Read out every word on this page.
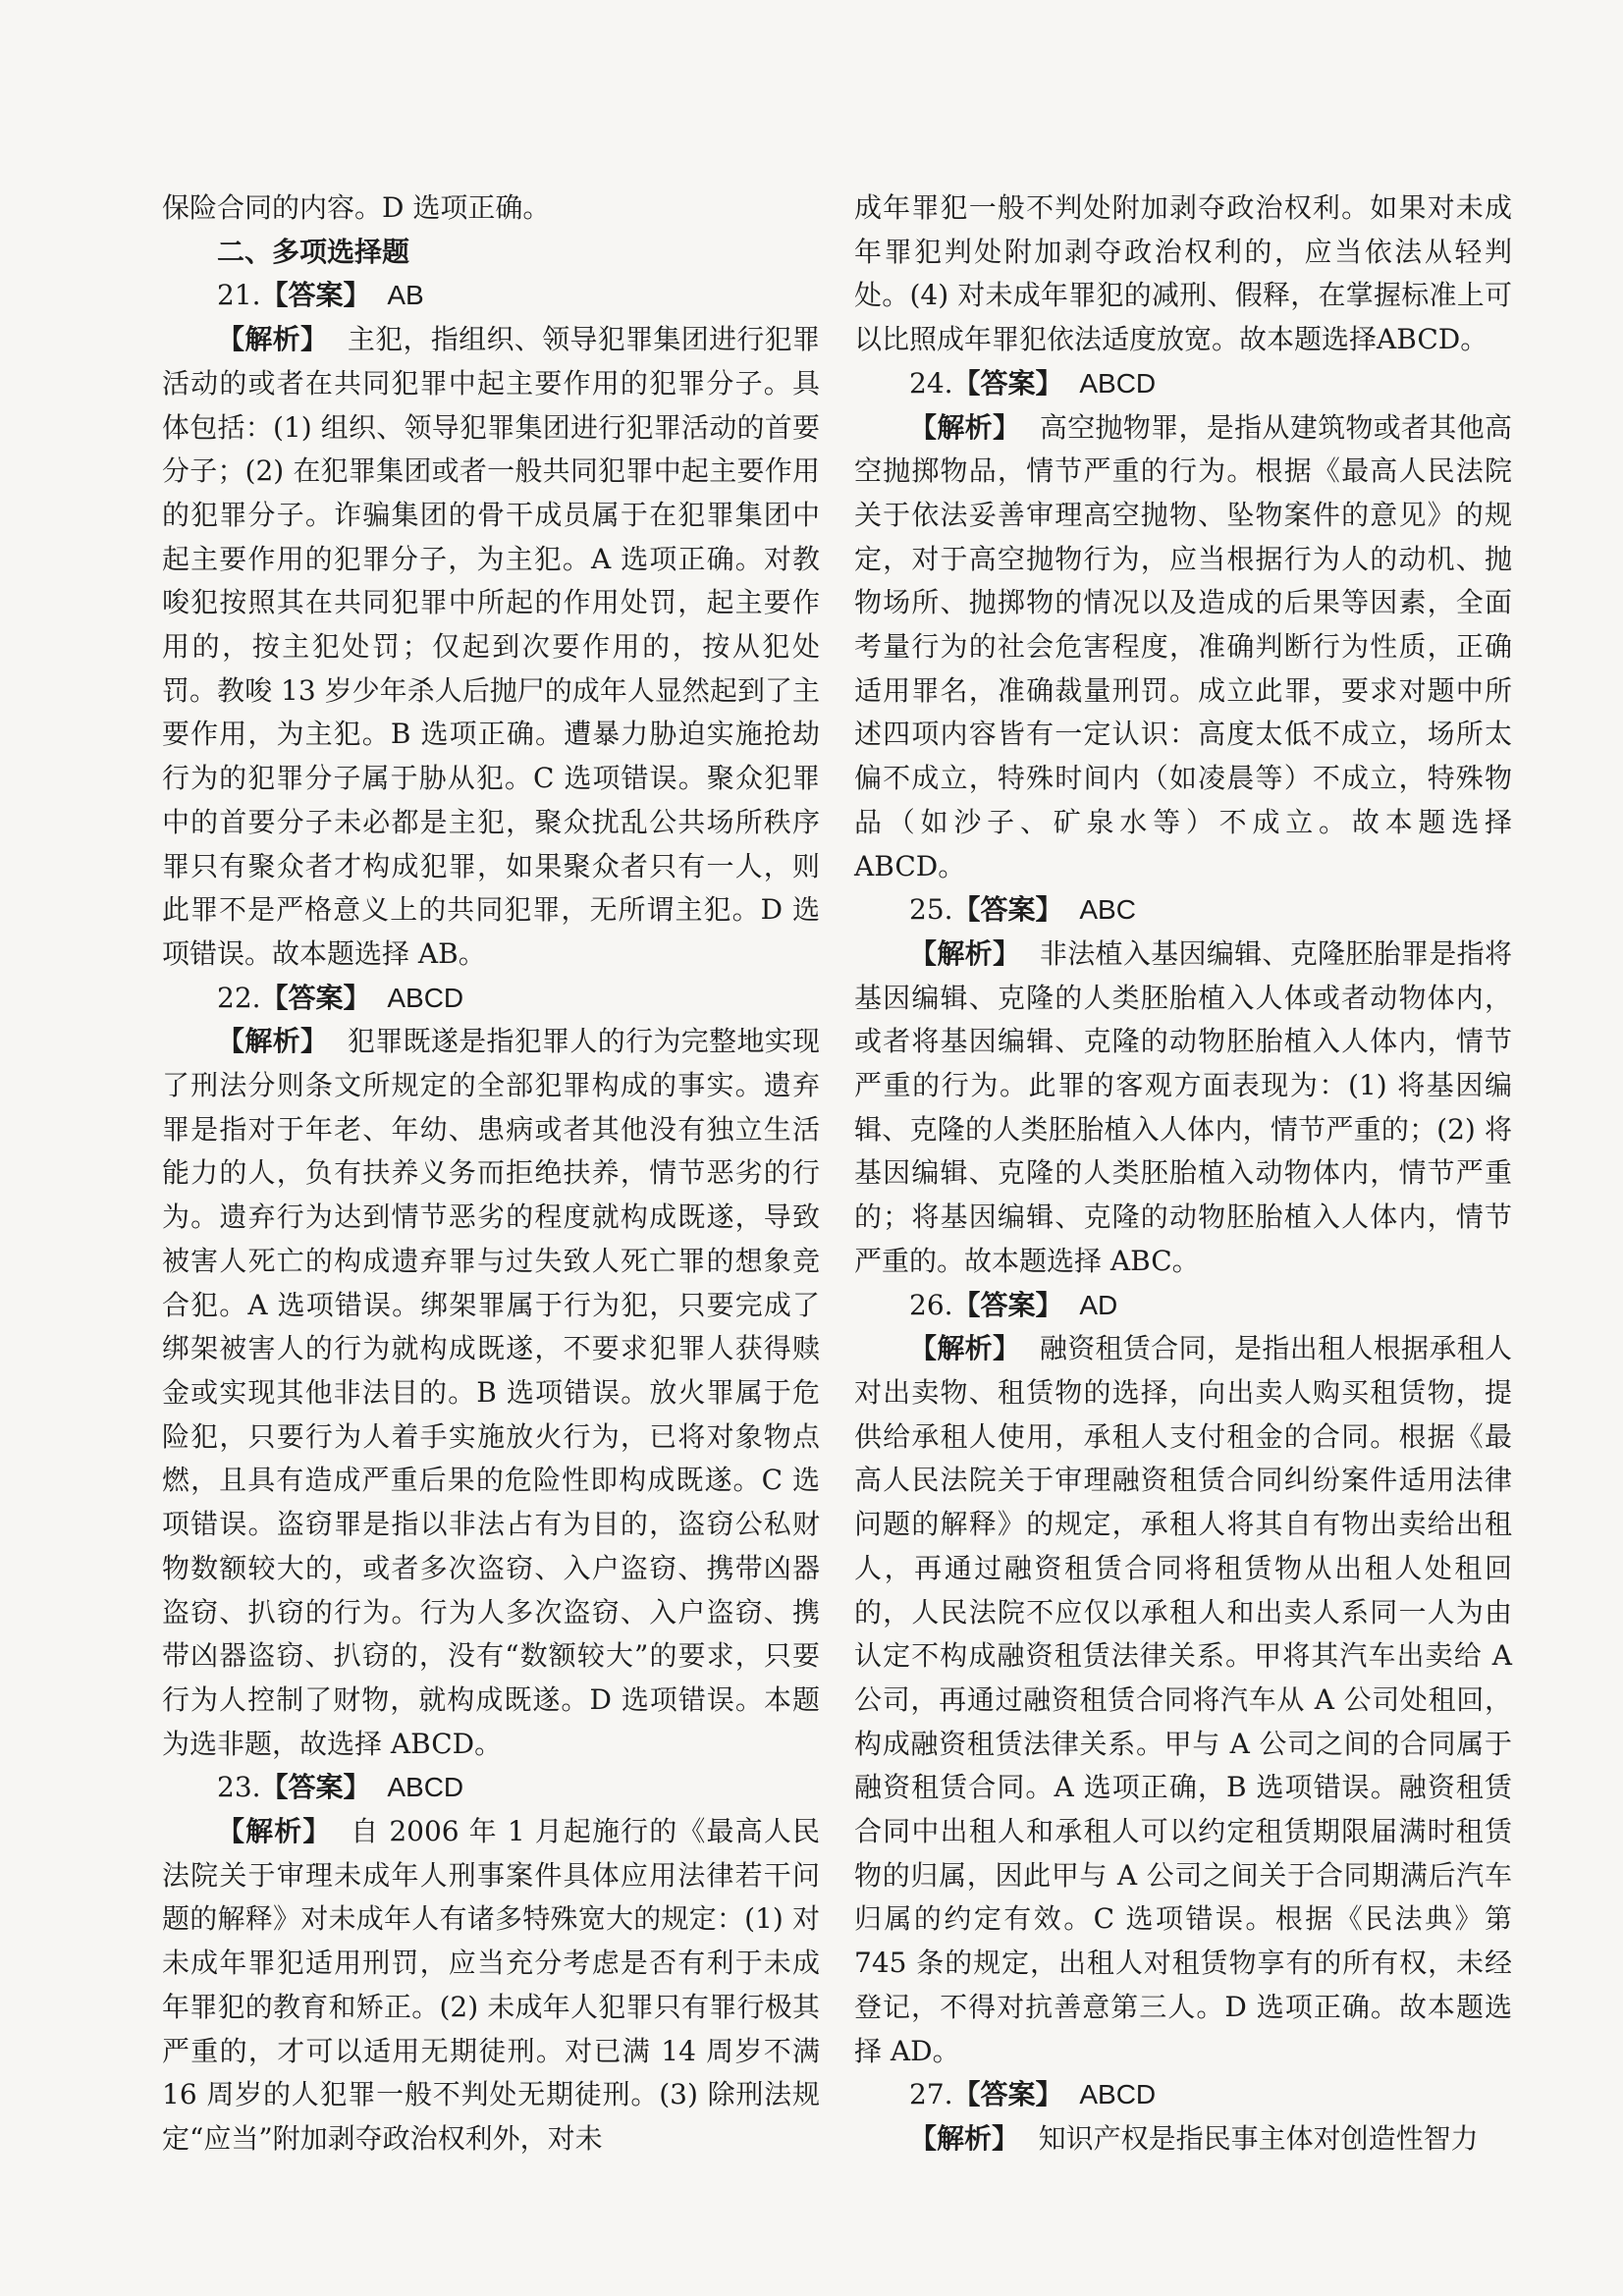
保险合同的内容。D 选项正确。

二、多项选择题

21.【答案】 AB

【解析】 主犯，指组织、领导犯罪集团进行犯罪活动的或者在共同犯罪中起主要作用的犯罪分子。具体包括：(1) 组织、领导犯罪集团进行犯罪活动的首要分子；(2) 在犯罪集团或者一般共同犯罪中起主要作用的犯罪分子。诈骗集团的骨干成员属于在犯罪集团中起主要作用的犯罪分子，为主犯。A 选项正确。对教唆犯按照其在共同犯罪中所起的作用处罚，起主要作用的，按主犯处罚；仅起到次要作用的，按从犯处罚。教唆 13 岁少年杀人后抛尸的成年人显然起到了主要作用，为主犯。B 选项正确。遭暴力胁迫实施抢劫行为的犯罪分子属于胁从犯。C 选项错误。聚众犯罪中的首要分子未必都是主犯，聚众扰乱公共场所秩序罪只有聚众者才构成犯罪，如果聚众者只有一人，则此罪不是严格意义上的共同犯罪，无所谓主犯。D 选项错误。故本题选择 AB。

22.【答案】 ABCD

【解析】 犯罪既遂是指犯罪人的行为完整地实现了刑法分则条文所规定的全部犯罪构成的事实。遗弃罪是指对于年老、年幼、患病或者其他没有独立生活能力的人，负有扶养义务而拒绝扶养，情节恶劣的行为。遗弃行为达到情节恶劣的程度就构成既遂，导致被害人死亡的构成遗弃罪与过失致人死亡罪的想象竞合犯。A 选项错误。绑架罪属于行为犯，只要完成了绑架被害人的行为就构成既遂，不要求犯罪人获得赎金或实现其他非法目的。B 选项错误。放火罪属于危险犯，只要行为人着手实施放火行为，已将对象物点燃，且具有造成严重后果的危险性即构成既遂。C 选项错误。盗窃罪是指以非法占有为目的，盗窃公私财物数额较大的，或者多次盗窃、入户盗窃、携带凶器盗窃、扒窃的行为。行为人多次盗窃、入户盗窃、携带凶器盗窃、扒窃的，没有“数额较大”的要求，只要行为人控制了财物，就构成既遂。D 选项错误。本题为选非题，故选择 ABCD。

23.【答案】 ABCD

【解析】 自 2006 年 1 月起施行的《最高人民法院关于审理未成年人刑事案件具体应用法律若干问题的解释》对未成年人有诸多特殊宽大的规定：(1) 对未成年罪犯适用刑罚，应当充分考虑是否有利于未成年罪犯的教育和矫正。(2) 未成年人犯罪只有罪行极其严重的，才可以适用无期徒刑。对已满 14 周岁不满 16 周岁的人犯罪一般不判处无期徒刑。(3) 除刑法规定“应当”附加剥夺政治权利外，对未

成年罪犯一般不判处附加剥夺政治权利。如果对未成年罪犯判处附加剥夺政治权利的，应当依法从轻判处。(4) 对未成年罪犯的减刑、假释，在掌握标准上可以比照成年罪犯依法适度放宽。故本题选择ABCD。

24.【答案】 ABCD

【解析】 高空抛物罪，是指从建筑物或者其他高空抛掷物品，情节严重的行为。根据《最高人民法院关于依法妥善审理高空抛物、坠物案件的意见》的规定，对于高空抛物行为，应当根据行为人的动机、抛物场所、抛掷物的情况以及造成的后果等因素，全面考量行为的社会危害程度，准确判断行为性质，正确适用罪名，准确裁量刑罚。成立此罪，要求对题中所述四项内容皆有一定认识：高度太低不成立，场所太偏不成立，特殊时间内（如凌晨等）不成立，特殊物品（如沙子、矿泉水等）不成立。故本题选择 ABCD。

25.【答案】 ABC

【解析】 非法植入基因编辑、克隆胚胎罪是指将基因编辑、克隆的人类胚胎植入人体或者动物体内，或者将基因编辑、克隆的动物胚胎植入人体内，情节严重的行为。此罪的客观方面表现为：(1) 将基因编辑、克隆的人类胚胎植入人体内，情节严重的；(2) 将基因编辑、克隆的人类胚胎植入动物体内，情节严重的；将基因编辑、克隆的动物胚胎植入人体内，情节严重的。故本题选择 ABC。

26.【答案】 AD

【解析】 融资租赁合同，是指出租人根据承租人对出卖物、租赁物的选择，向出卖人购买租赁物，提供给承租人使用，承租人支付租金的合同。根据《最高人民法院关于审理融资租赁合同纠纷案件适用法律问题的解释》的规定，承租人将其自有物出卖给出租人，再通过融资租赁合同将租赁物从出租人处租回的，人民法院不应仅以承租人和出卖人系同一人为由认定不构成融资租赁法律关系。甲将其汽车出卖给 A 公司，再通过融资租赁合同将汽车从 A 公司处租回，构成融资租赁法律关系。甲与 A 公司之间的合同属于融资租赁合同。A 选项正确，B 选项错误。融资租赁合同中出租人和承租人可以约定租赁期限届满时租赁物的归属，因此甲与 A 公司之间关于合同期满后汽车归属的约定有效。C 选项错误。根据《民法典》第 745 条的规定，出租人对租赁物享有的所有权，未经登记，不得对抗善意第三人。D 选项正确。故本题选择 AD。

27.【答案】 ABCD

【解析】 知识产权是指民事主体对创造性智力
